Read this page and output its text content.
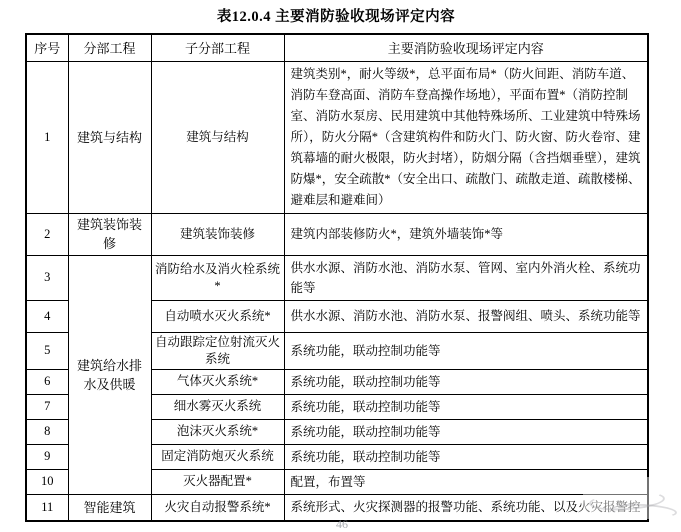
表12.0.4 主要消防验收现场评定内容
序号	分部工程	子分部工程	主要消防验收现场评定内容
1	建筑与结构	建筑与结构	建筑类别*，耐火等级*，总平面布局*（防火间距、消防车道、消防车登高面、消防车登高操作场地），平面布置*（消防控制室、消防水泵房、民用建筑中其他特殊场所、工业建筑中特殊场所），防火分隔*（含建筑构件和防火门、防火窗、防火卷帘、建筑幕墙的耐火极限，防火封堵），防烟分隔（含挡烟垂壁），建筑防爆*，安全疏散*（安全出口、疏散门、疏散走道、疏散楼梯、避难层和避难间）
2	建筑装饰装修	建筑装饰装修	建筑内部装修防火*，建筑外墙装饰*等
3	建筑给水排水及供暖	消防给水及消火栓系统*	供水水源、消防水池、消防水泵、管网、室内外消火栓、系统功能等
4		自动喷水灭火系统*	供水水源、消防水池、消防水泵、报警阀组、喷头、系统功能等
5		自动跟踪定位射流灭火系统	系统功能，联动控制功能等
6		气体灭火系统*	系统功能，联动控制功能等
7		细水雾灭火系统	系统功能，联动控制功能等
8		泡沫灭火系统*	系统功能，联动控制功能等
9		固定消防炮灭火系统	系统功能，联动控制功能等
10		灭火器配置*	配置，布置等
11	智能建筑	火灾自动报警系统*	系统形式、火灾探测器的报警功能、系统功能、以及火灾报警控
46
